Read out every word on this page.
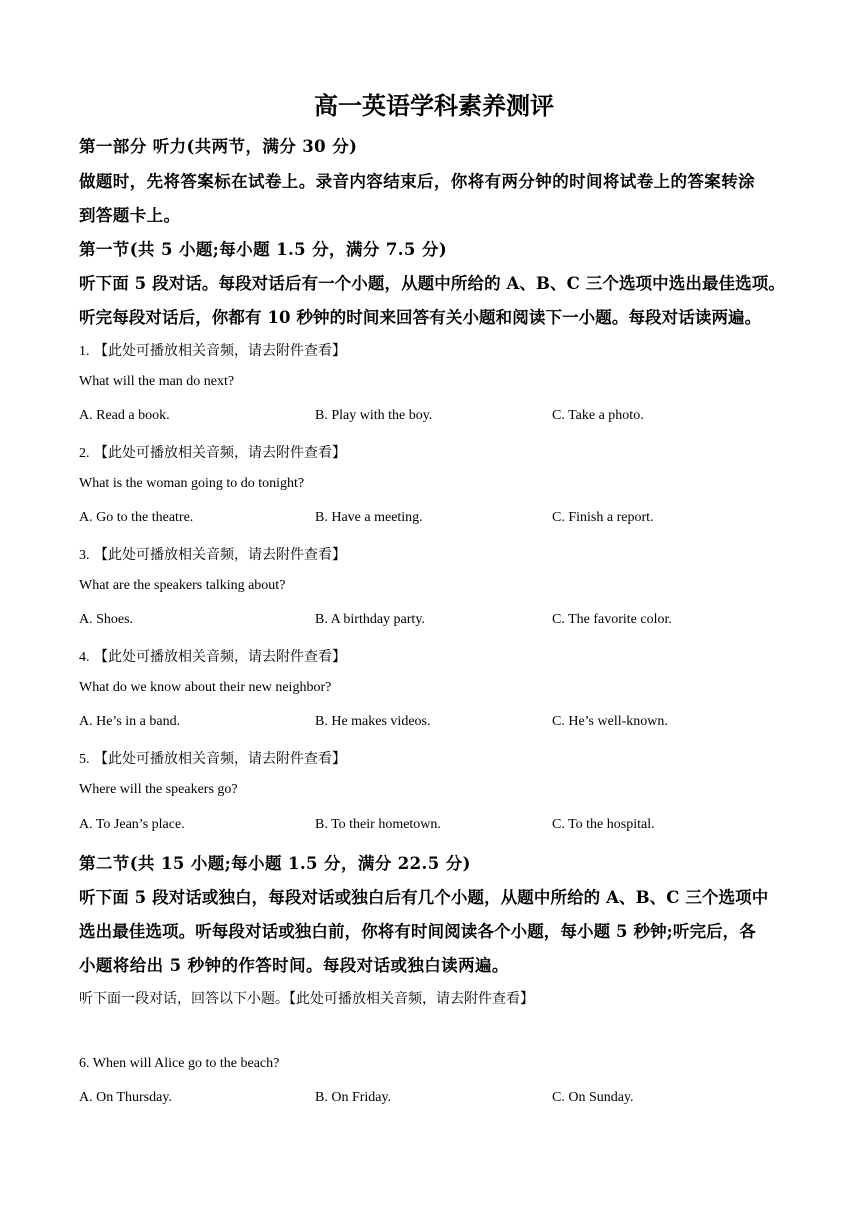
高一英语学科素养测评
第一部分 听力(共两节，满分 30 分)
做题时，先将答案标在试卷上。录音内容结束后，你将有两分钟的时间将试卷上的答案转涂
到答题卡上。
第一节(共 5 小题;每小题 1.5 分，满分 7.5 分)
听下面 5 段对话。每段对话后有一个小题，从题中所给的 A、B、C 三个选项中选出最佳选项。
听完每段对话后，你都有 10 秒钟的时间来回答有关小题和阅读下一小题。每段对话读两遍。
1. 【此处可播放相关音频，请去附件查看】
What will the man do next?
A. Read a book.	B. Play with the boy.	C. Take a photo.
2. 【此处可播放相关音频，请去附件查看】
What is the woman going to do tonight?
A. Go to the theatre.	B. Have a meeting.	C. Finish a report.
3. 【此处可播放相关音频，请去附件查看】
What are the speakers talking about?
A. Shoes.	B. A birthday party.	C. The favorite color.
4. 【此处可播放相关音频，请去附件查看】
What do we know about their new neighbor?
A. He’s in a band.	B. He makes videos.	C. He’s well-known.
5. 【此处可播放相关音频，请去附件查看】
Where will the speakers go?
A. To Jean’s place.	B. To their hometown.	C. To the hospital.
第二节(共 15 小题;每小题 1.5 分，满分 22.5 分)
听下面 5 段对话或独白，每段对话或独白后有几个小题，从题中所给的 A、B、C 三个选项中
选出最佳选项。听每段对话或独白前，你将有时间阅读各个小题，每小题 5 秒钟;听完后，各
小题将给出 5 秒钟的作答时间。每段对话或独白读两遍。
听下面一段对话，回答以下小题。【此处可播放相关音频，请去附件查看】
6. When will Alice go to the beach?
A. On Thursday.	B. On Friday.	C. On Sunday.
